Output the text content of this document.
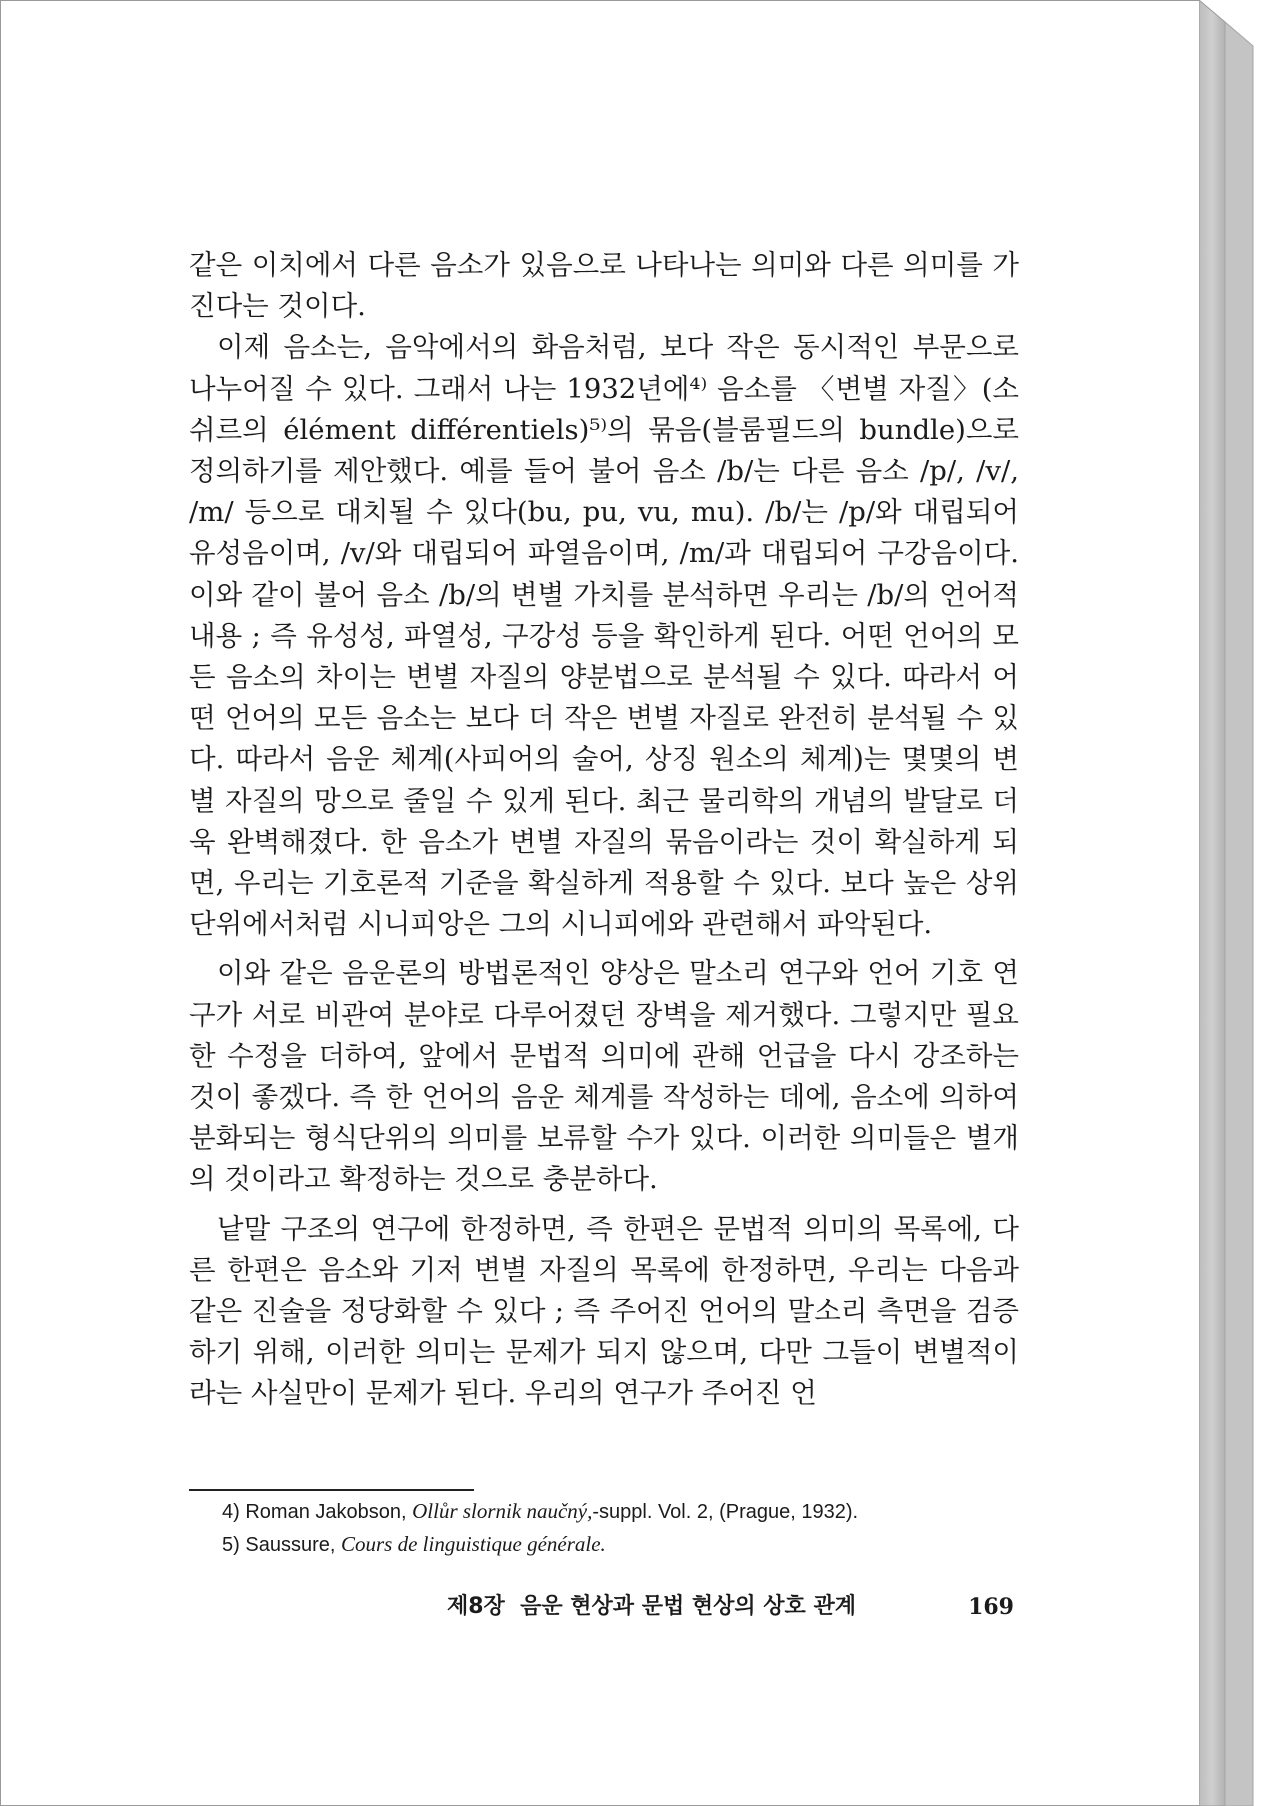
같은 이치에서 다른 음소가 있음으로 나타나는 의미와 다른 의미를 가진다는 것이다.

이제 음소는, 음악에서의 화음처럼, 보다 작은 동시적인 부문으로 나누어질 수 있다. 그래서 나는 1932년에⁴⁾ 음소를 〈변별 자질〉(소쉬르의 élément différentiels)⁵⁾의 묶음(블룸필드의 bundle)으로 정의하기를 제안했다. 예를 들어 불어 음소 /b/는 다른 음소 /p/, /v/, /m/ 등으로 대치될 수 있다(bu, pu, vu, mu). /b/는 /p/와 대립되어 유성음이며, /v/와 대립되어 파열음이며, /m/과 대립되어 구강음이다. 이와 같이 불어 음소 /b/의 변별 가치를 분석하면 우리는 /b/의 언어적 내용 ; 즉 유성성, 파열성, 구강성 등을 확인하게 된다. 어떤 언어의 모든 음소의 차이는 변별 자질의 양분법으로 분석될 수 있다. 따라서 어떤 언어의 모든 음소는 보다 더 작은 변별 자질로 완전히 분석될 수 있다. 따라서 음운 체계(사피어의 술어, 상징 원소의 체계)는 몇몇의 변별 자질의 망으로 줄일 수 있게 된다. 최근 물리학의 개념의 발달로 더욱 완벽해졌다. 한 음소가 변별 자질의 묶음이라는 것이 확실하게 되면, 우리는 기호론적 기준을 확실하게 적용할 수 있다. 보다 높은 상위 단위에서처럼 시니피앙은 그의 시니피에와 관련해서 파악된다.

이와 같은 음운론의 방법론적인 양상은 말소리 연구와 언어 기호 연구가 서로 비관여 분야로 다루어졌던 장벽을 제거했다. 그렇지만 필요한 수정을 더하여, 앞에서 문법적 의미에 관해 언급을 다시 강조하는 것이 좋겠다. 즉 한 언어의 음운 체계를 작성하는 데에, 음소에 의하여 분화되는 형식단위의 의미를 보류할 수가 있다. 이러한 의미들은 별개의 것이라고 확정하는 것으로 충분하다.

낱말 구조의 연구에 한정하면, 즉 한편은 문법적 의미의 목록에, 다른 한편은 음소와 기저 변별 자질의 목록에 한정하면, 우리는 다음과 같은 진술을 정당화할 수 있다 ; 즉 주어진 언어의 말소리 측면을 검증하기 위해, 이러한 의미는 문제가 되지 않으며, 다만 그들이 변별적이라는 사실만이 문제가 된다. 우리의 연구가 주어진 언

4) Roman Jakobson, Ollůr slornik naučný,-suppl. Vol. 2, (Prague, 1932).
5) Saussure, Cours de linguistique générale.
제8장  음운 현상과 문법 현상의 상호 관계	169
